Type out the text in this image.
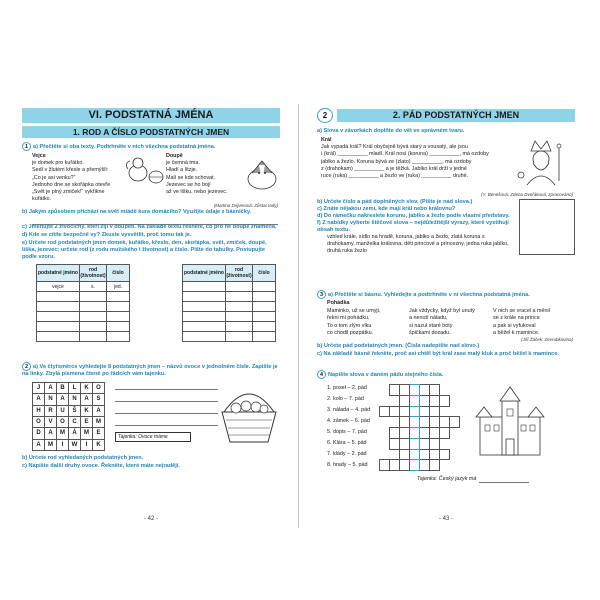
VI. PODSTATNÁ JMÉNA
1. ROD A ČÍSLO PODSTATNÝCH JMEN
1 a) Přečtěte si oba texty. Podtrhněte v nich všechna podstatná jména.
Vejce
je domek pro kuřátko.
Sedí v žlutém křesle a přemýšlí:
„Co je asi venku?“
Jednoho dne se skořápka otevře
„Svět je plný zmiček!“ vykřikne kuřátko.
Doupě
je čemná tma.
Hladí a lítzje.
Malí se kde schovat.
Jezevec se ho bojí
až ve lišku, nebo jezevec.
(Martina Drijverová: Zůstat tady)
b) Jakým způsobem přichází na svět mládě kura domácího? Využijte údaje z básničky.
c) Jmenujte 2 živočichy, kteří žijí v doupěti. Na základě textu řekněte, co pro ně doupě znamená.
d) Kde se cítíte bezpečně vy? Zkuste vysvětlit, proč tomu tak je.
e) Určete rod podstatných jmen domek, kuřátko, křeslo, den, skořápka, svět, zmiček, doupě, liška, jezevec; určete rod (z rodu mužského i životnost) a číslo. Pište do tabulky. Postupujte podle vzoru.
podstatné jméno	rod (životnost)	číslo
vejce	s.	jed.

podstatné jméno	rod (životnost)	číslo

2 a) Ve čtyřsměrce vyhledejte 8 podstatných jmen – názvů ovoce v jednotném čísle. Zapište je na linky. Zbylá písmena čtené po řádcích vám tajenku.
J	A	B	L	K	O
A	N	A	N	A	S
H	R	U	Š	K	A
O	V	O	C	E	M
D	A	M	Á	M	E
A	M	I	W	I	K
Tajenka: Ovoce máme
b) Určete rod vyhledaných podstatných jmen.
c) Napište další druhy ovoce. Řekněte, které máte nejraději.
- 42 -
2	2. PÁD PODSTATNÝCH JMEN
a) Slova v závorkách doplňte do vět ve správném tvaru.
Král
Jak vypadá král? Král obyčejně bývá starý a vousatý, ale jsou
i (král) __________ mladí. Král nosí (koruna) __________, má ozdoby
jablko a žezlo. Koruna bývá ze (zlato) __________, má ozdoby
z (drahokam) __________ a je těžká. Jablko král drží v jedné
ruce (ruka) __________ a žezlo ve (ruka) __________ druhé.
(Y. Benešová: Zdena Dvořáková, zpracováno)
b) Určete číslo a pád doplněných slov. (Pište je nad slova.)
c) Znáte nějakou zemi, kde mají král nebo královnu?
d) Do rámečku nakreslete korunu, jablko a žezlo podle vlastní představy.
f) Z nabídky vyberte štěčové slova – nejdůležitější výrazy, které vystihují obsah textu.
vzhled krále, sídlo na hradě, koruna, jablko a žezlo, zlatá koruna s drahokamy, manželka královna, děti princové a princezny, jedna ruka jablko, druhá ruka žezlo
3 a) Přečtěte si básnu. Vyhledejte a podtrhněte v ní všechna podstatná jména.
Pohádka
Maminko, už se umyji,
řekni mi pohádku.
To o tom zlým vlku
co chodil pozpátku.
Jak vždycky, když byl unutý
a nenutí náladu,
si nazul staré boty
špičkami dozadu.
V nich se vracel a měnil
se z krále na prince
a pak si vyfukoval
a běžel k mamince.
(Jiří Žáček: Zevrubkovina)
b) Určete pád podstatných jmen. (Čísla nadepište nad slovo.)
c) Na základě básně řekněte, proč asi chtěl být král zase malý kluk a proč běžel k mamince.
4 Napište slova v daném pádu stejného čísla.
1. poseł – 2. pád
2. kolo – 7. pád
3. nálada – 4. pád
4. zámek – 6. pád
5. dopis – 7. pád
6. Klára – 5. pád
7. klády – 2. pád
8. hrady – 5. pád

Tajenka: Český jazyk má
- 43 -
